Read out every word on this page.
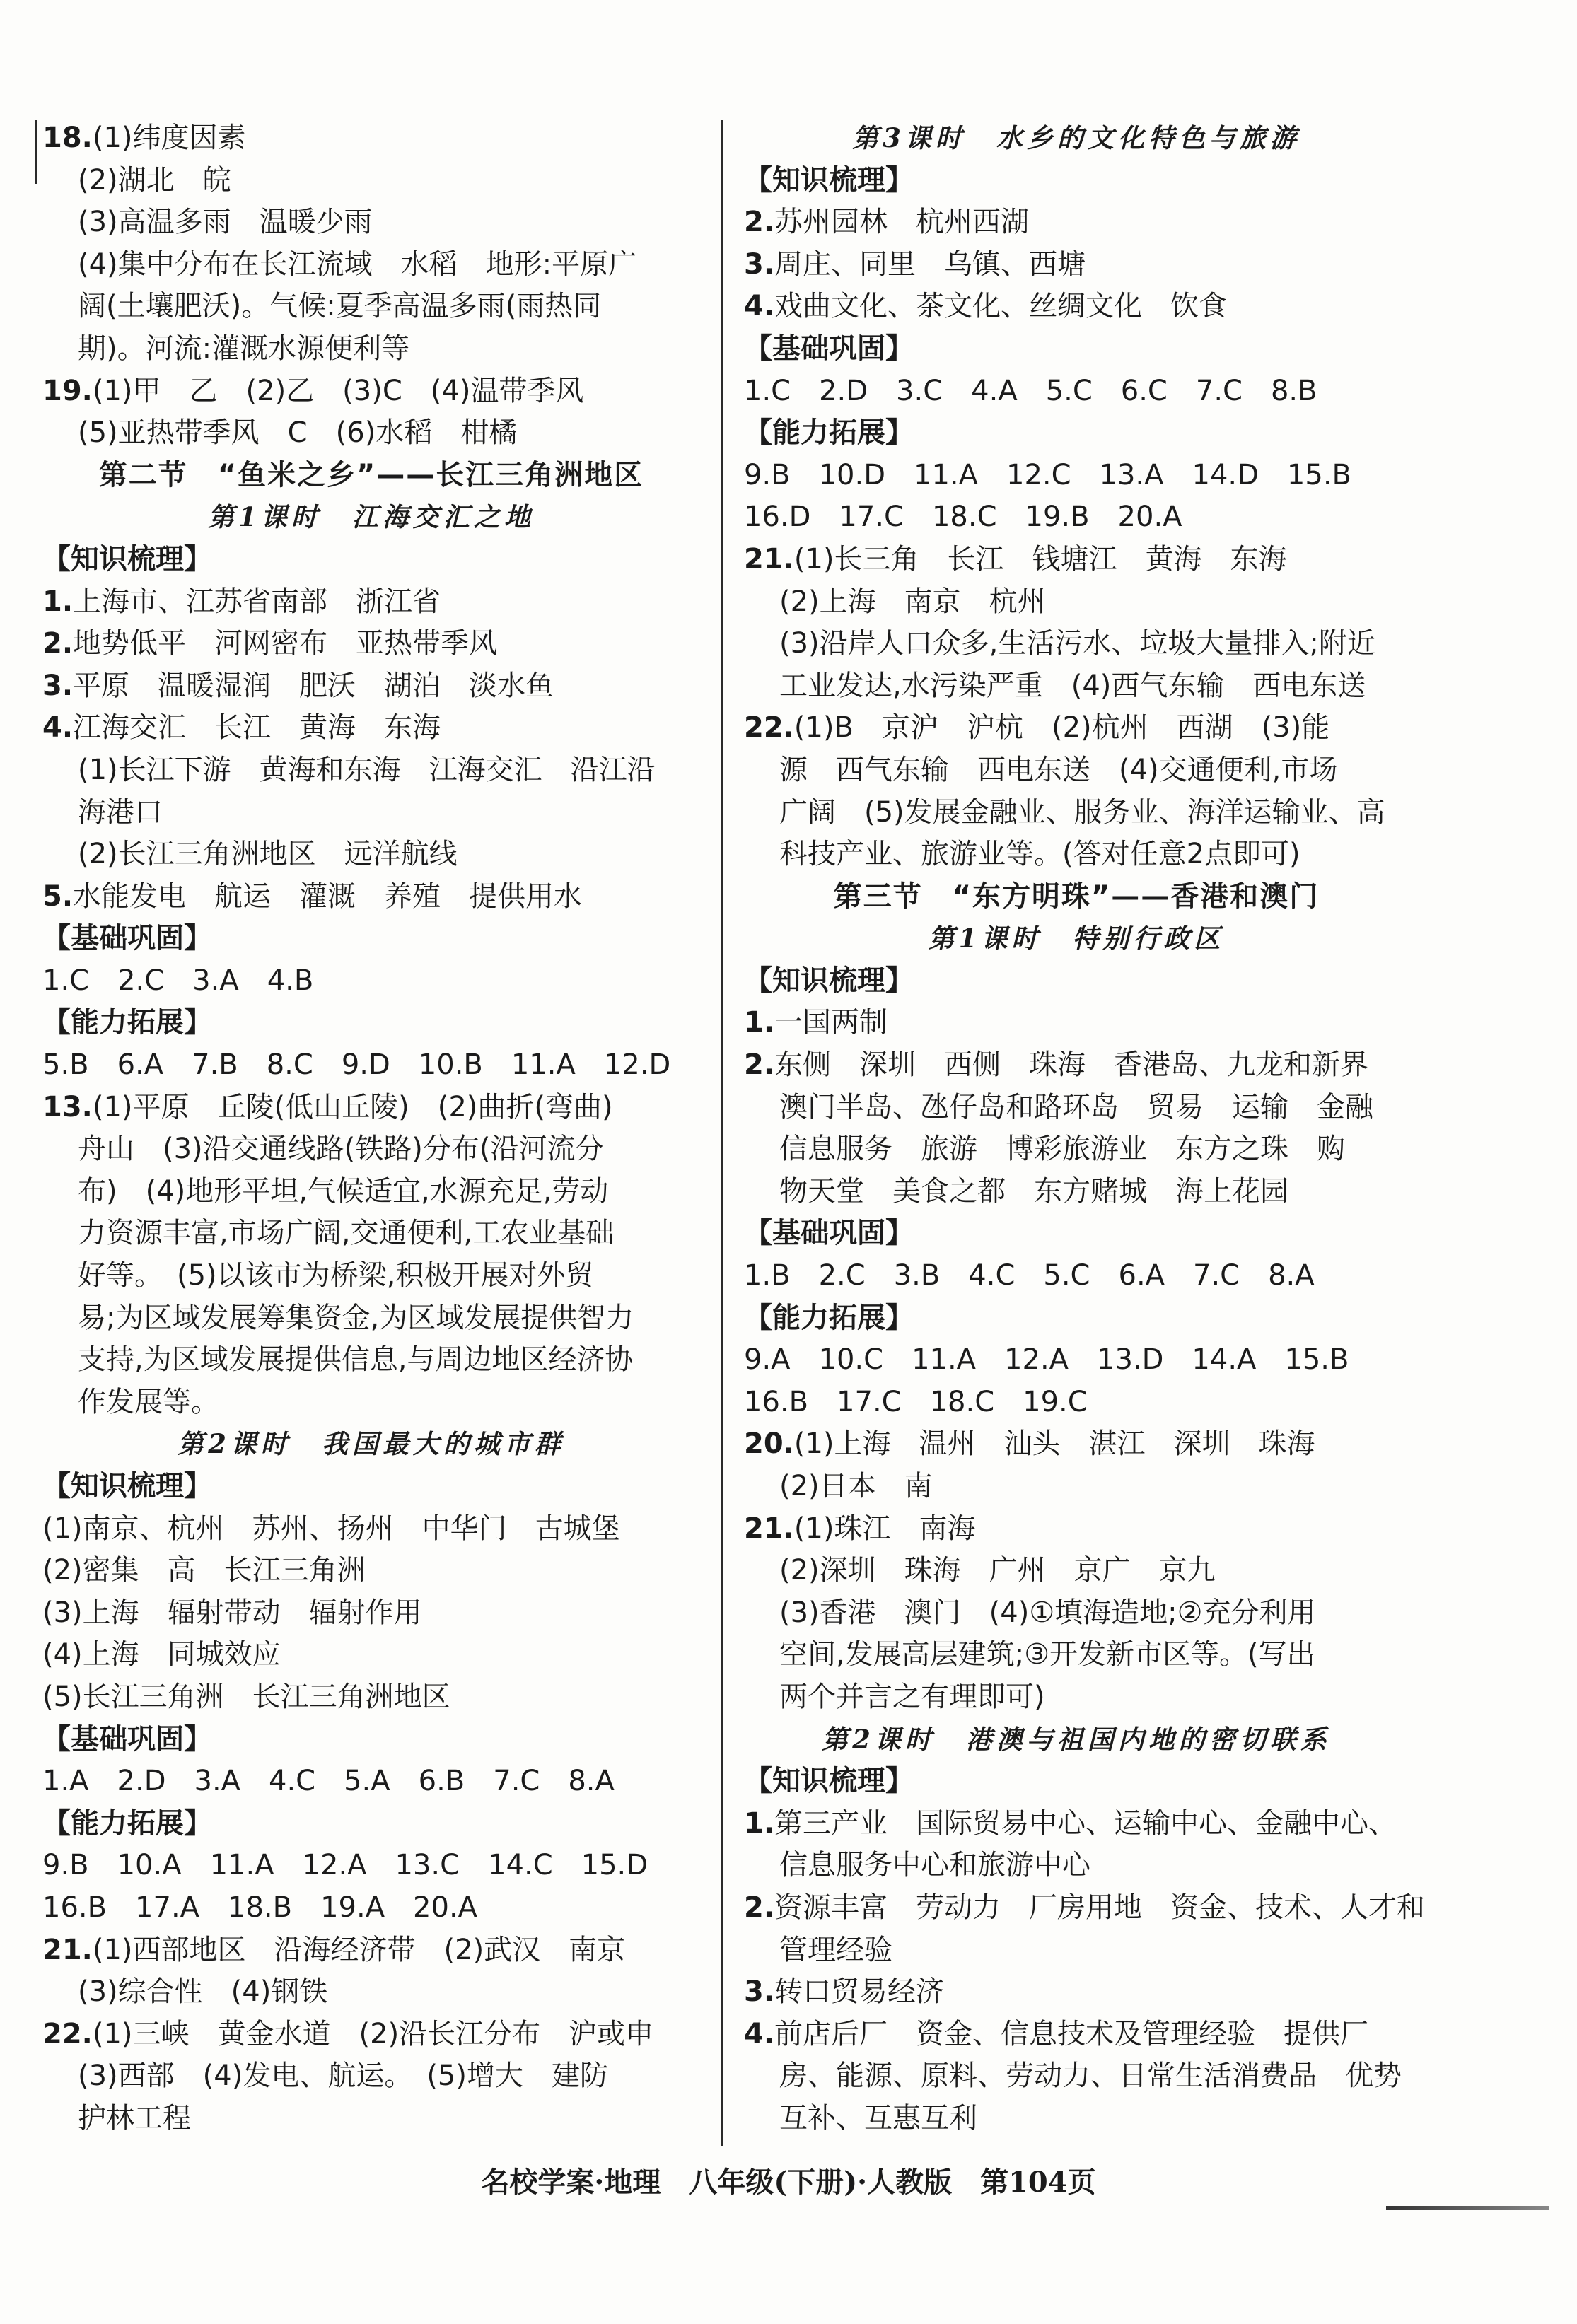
18.(1)纬度因素
(2)湖北　皖
(3)高温多雨　温暖少雨
(4)集中分布在长江流域　水稻　地形:平原广
阔(土壤肥沃)。气候:夏季高温多雨(雨热同
期)。河流:灌溉水源便利等
19.(1)甲　乙　(2)乙　(3)C　(4)温带季风
(5)亚热带季风　C　(6)水稻　柑橘
第二节　“鱼米之乡”——长江三角洲地区
第1课时　江海交汇之地
【知识梳理】
1.上海市、江苏省南部　浙江省
2.地势低平　河网密布　亚热带季风
3.平原　温暖湿润　肥沃　湖泊　淡水鱼
4.江海交汇　长江　黄海　东海
(1)长江下游　黄海和东海　江海交汇　沿江沿
海港口
(2)长江三角洲地区　远洋航线
5.水能发电　航运　灌溉　养殖　提供用水
【基础巩固】
1.C　2.C　3.A　4.B
【能力拓展】
5.B　6.A　7.B　8.C　9.D　10.B　11.A　12.D
13.(1)平原　丘陵(低山丘陵)　(2)曲折(弯曲)
舟山　(3)沿交通线路(铁路)分布(沿河流分
布)　(4)地形平坦,气候适宜,水源充足,劳动
力资源丰富,市场广阔,交通便利,工农业基础
好等。　(5)以该市为桥梁,积极开展对外贸
易;为区域发展筹集资金,为区域发展提供智力
支持,为区域发展提供信息,与周边地区经济协
作发展等。
第2课时　我国最大的城市群
【知识梳理】
(1)南京、杭州　苏州、扬州　中华门　古城堡
(2)密集　高　长江三角洲
(3)上海　辐射带动　辐射作用
(4)上海　同城效应
(5)长江三角洲　长江三角洲地区
【基础巩固】
1.A　2.D　3.A　4.C　5.A　6.B　7.C　8.A
【能力拓展】
9.B　10.A　11.A　12.A　13.C　14.C　15.D
16.B　17.A　18.B　19.A　20.A
21.(1)西部地区　沿海经济带　(2)武汉　南京
(3)综合性　(4)钢铁
22.(1)三峡　黄金水道　(2)沿长江分布　沪或申
(3)西部　(4)发电、航运。　(5)增大　建防
护林工程
第3课时　水乡的文化特色与旅游
【知识梳理】
2.苏州园林　杭州西湖
3.周庄、同里　乌镇、西塘
4.戏曲文化、茶文化、丝绸文化　饮食
【基础巩固】
1.C　2.D　3.C　4.A　5.C　6.C　7.C　8.B
【能力拓展】
9.B　10.D　11.A　12.C　13.A　14.D　15.B
16.D　17.C　18.C　19.B　20.A
21.(1)长三角　长江　钱塘江　黄海　东海
(2)上海　南京　杭州
(3)沿岸人口众多,生活污水、垃圾大量排入;附近
工业发达,水污染严重　(4)西气东输　西电东送
22.(1)B　京沪　沪杭　(2)杭州　西湖　(3)能
源　西气东输　西电东送　(4)交通便利,市场
广阔　(5)发展金融业、服务业、海洋运输业、高
科技产业、旅游业等。(答对任意2点即可)
第三节　“东方明珠”——香港和澳门
第1课时　特别行政区
【知识梳理】
1.一国两制
2.东侧　深圳　西侧　珠海　香港岛、九龙和新界
澳门半岛、氹仔岛和路环岛　贸易　运输　金融
信息服务　旅游　博彩旅游业　东方之珠　购
物天堂　美食之都　东方赌城　海上花园
【基础巩固】
1.B　2.C　3.B　4.C　5.C　6.A　7.C　8.A
【能力拓展】
9.A　10.C　11.A　12.A　13.D　14.A　15.B
16.B　17.C　18.C　19.C
20.(1)上海　温州　汕头　湛江　深圳　珠海
(2)日本　南
21.(1)珠江　南海
(2)深圳　珠海　广州　京广　京九
(3)香港　澳门　(4)①填海造地;②充分利用
空间,发展高层建筑;③开发新市区等。(写出
两个并言之有理即可)
第2课时　港澳与祖国内地的密切联系
【知识梳理】
1.第三产业　国际贸易中心、运输中心、金融中心、
信息服务中心和旅游中心
2.资源丰富　劳动力　厂房用地　资金、技术、人才和
管理经验
3.转口贸易经济
4.前店后厂　资金、信息技术及管理经验　提供厂
房、能源、原料、劳动力、日常生活消费品　优势
互补、互惠互利
名校学案·地理　八年级(下册)·人教版　第104页
